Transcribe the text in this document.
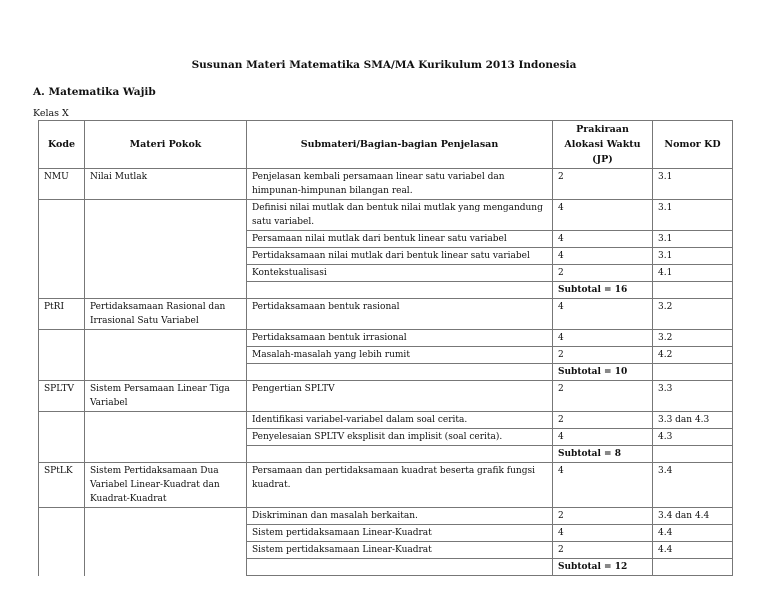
Susunan Materi Matematika SMA/MA Kurikulum 2013 Indonesia
A. Matematika Wajib
Kelas X
Kode	Materi Pokok	Submateri/Bagian-bagian Penjelasan	Prakiraan Alokasi Waktu (JP)	Nomor KD
NMU	Nilai Mutlak	Penjelasan kembali persamaan linear satu variabel dan himpunan-himpunan bilangan real.	2	3.1
		Definisi nilai mutlak dan bentuk nilai mutlak yang mengandung satu variabel.	4	3.1
		Persamaan nilai mutlak dari bentuk linear satu variabel	4	3.1
		Pertidaksamaan nilai mutlak dari bentuk linear satu variabel	4	3.1
		Kontekstualisasi	2	4.1
			Subtotal = 16	
PtRI	Pertidaksamaan Rasional dan Irrasional Satu Variabel	Pertidaksamaan bentuk rasional	4	3.2
		Pertidaksamaan bentuk irrasional	4	3.2
		Masalah-masalah yang lebih rumit	2	4.2
			Subtotal = 10	
SPLTV	Sistem Persamaan Linear Tiga Variabel	Pengertian SPLTV	2	3.3
		Identifikasi variabel-variabel dalam soal cerita.	2	3.3 dan 4.3
		Penyelesaian SPLTV eksplisit dan implisit (soal cerita).	4	4.3
			Subtotal = 8	
SPtLK	Sistem Pertidaksamaan Dua Variabel Linear-Kuadrat dan Kuadrat-Kuadrat	Persamaan dan pertidaksamaan kuadrat beserta grafik fungsi kuadrat.	4	3.4
		Diskriminan dan masalah berkaitan.	2	3.4 dan 4.4
		Sistem pertidaksamaan Linear-Kuadrat	4	4.4
		Sistem pertidaksamaan Linear-Kuadrat	2	4.4
			Subtotal = 12	
